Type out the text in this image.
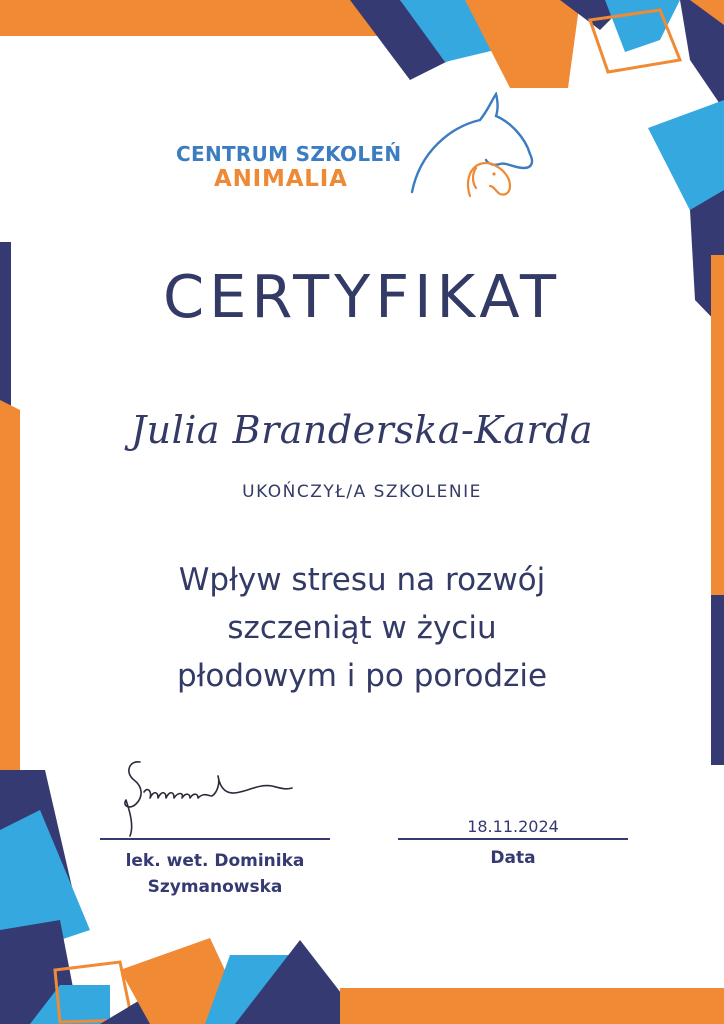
CENTRUM SZKOLEŃ
ANIMALIA
CERTYFIKAT
Julia Branderska-Karda
UKOŃCZYŁ/A SZKOLENIE
Wpływ stresu na rozwój
szczeniąt w życiu
płodowym i po porodzie
lek. wet. Dominika
Szymanowska
18.11.2024
Data
